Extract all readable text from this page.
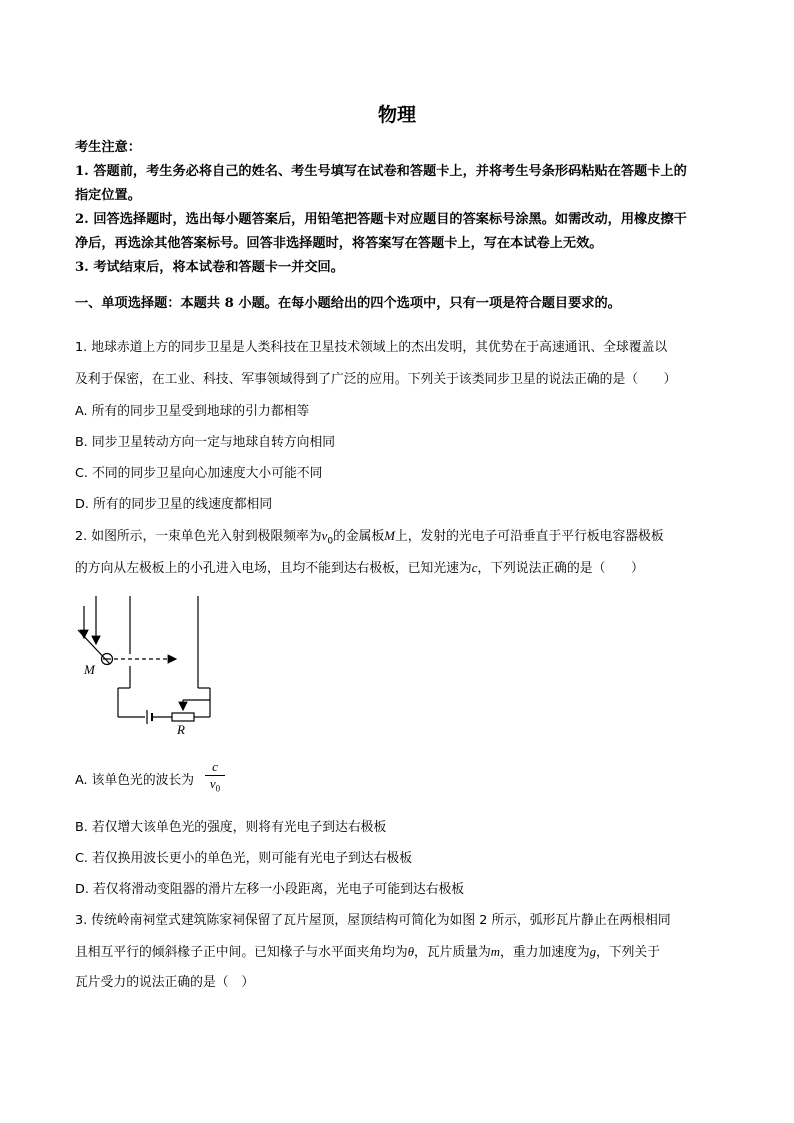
物理
考生注意：
1. 答题前，考生务必将自己的姓名、考生号填写在试卷和答题卡上，并将考生号条形码粘贴在答题卡上的
指定位置。
2. 回答选择题时，选出每小题答案后，用铅笔把答题卡对应题目的答案标号涂黑。如需改动，用橡皮擦干
净后，再选涂其他答案标号。回答非选择题时，将答案写在答题卡上，写在本试卷上无效。
3. 考试结束后，将本试卷和答题卡一并交回。
一、单项选择题：本题共 8 小题。在每小题给出的四个选项中，只有一项是符合题目要求的。
1. 地球赤道上方的同步卫星是人类科技在卫星技术领域上的杰出发明，其优势在于高速通讯、全球覆盖以
及利于保密，在工业、科技、军事领域得到了广泛的应用。下列关于该类同步卫星的说法正确的是（　　）
A. 所有的同步卫星受到地球的引力都相等
B. 同步卫星转动方向一定与地球自转方向相同
C. 不同的同步卫星向心加速度大小可能不同
D. 所有的同步卫星的线速度都相同
2. 如图所示，一束单色光入射到极限频率为$v_0$的金属板M上，发射的光电子可沿垂直于平行板电容器极板
的方向从左极板上的小孔进入电场，且均不能到达右极板，已知光速为c，下列说法正确的是（　　）
M
R
A. 该单色光的波长为
c
$v_0$
B. 若仅增大该单色光的强度，则将有光电子到达右极板
C. 若仅换用波长更小的单色光，则可能有光电子到达右极板
D. 若仅将滑动变阻器的滑片左移一小段距离，光电子可能到达右极板
3. 传统岭南祠堂式建筑陈家祠保留了瓦片屋顶，屋顶结构可简化为如图 2 所示，弧形瓦片静止在两根相同
且相互平行的倾斜椽子正中间。已知椽子与水平面夹角均为θ，瓦片质量为m，重力加速度为g，下列关于
瓦片受力的说法正确的是（　）
